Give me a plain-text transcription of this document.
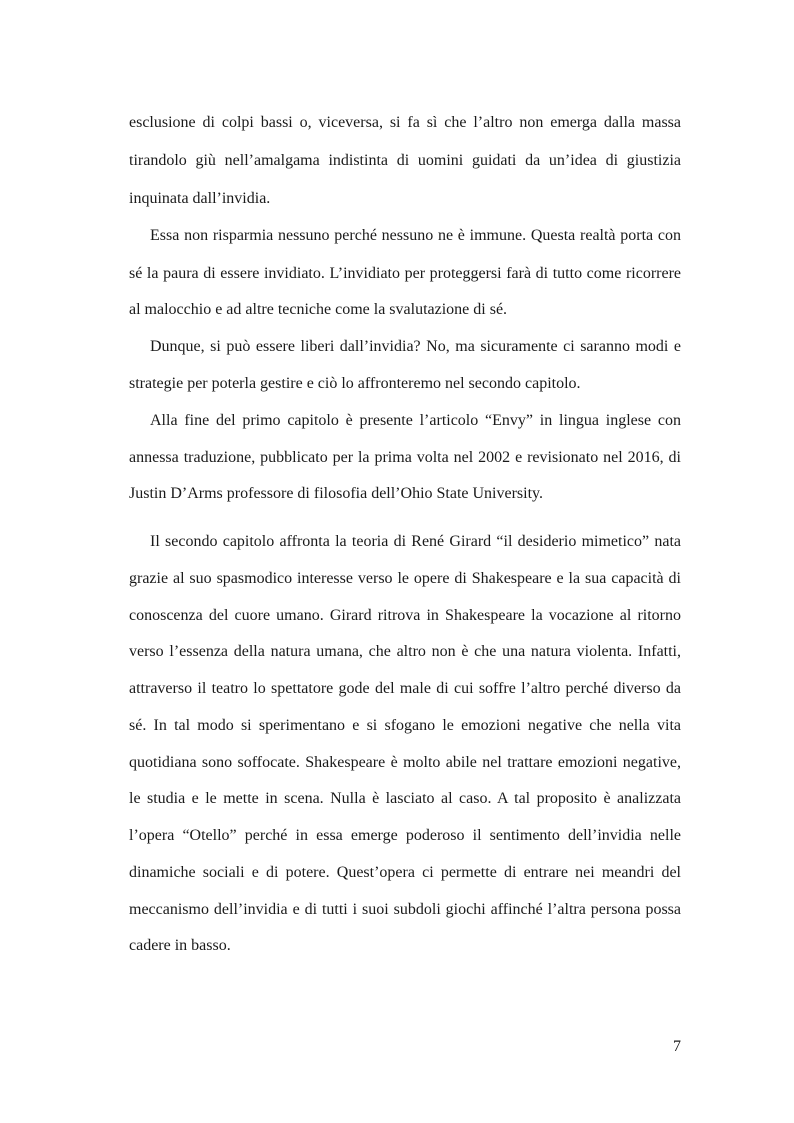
esclusione di colpi bassi o, viceversa, si fa sì che l’altro non emerga dalla massa
tirandolo giù nell’amalgama indistinta di uomini guidati da un’idea di giustizia
inquinata dall’invidia.
Essa non risparmia nessuno perché nessuno ne è immune. Questa realtà porta con
sé la paura di essere invidiato. L’invidiato per proteggersi farà di tutto come ricorrere
al malocchio e ad altre tecniche come la svalutazione di sé.
Dunque, si può essere liberi dall’invidia? No, ma sicuramente ci saranno modi e
strategie per poterla gestire e ciò lo affronteremo nel secondo capitolo.
Alla fine del primo capitolo è presente l’articolo “Envy” in lingua inglese con
annessa traduzione, pubblicato per la prima volta nel 2002 e revisionato nel 2016, di
Justin D’Arms professore di filosofia dell’Ohio State University.
Il secondo capitolo affronta la teoria di René Girard “il desiderio mimetico” nata
grazie al suo spasmodico interesse verso le opere di Shakespeare e la sua capacità di
conoscenza del cuore umano. Girard ritrova in Shakespeare la vocazione al ritorno
verso l’essenza della natura umana, che altro non è che una natura violenta. Infatti,
attraverso il teatro lo spettatore gode del male di cui soffre l’altro perché diverso da
sé. In tal modo si sperimentano e si sfogano le emozioni negative che nella vita
quotidiana sono soffocate. Shakespeare è molto abile nel trattare emozioni negative,
le studia e le mette in scena. Nulla è lasciato al caso. A tal proposito è analizzata
l’opera “Otello” perché in essa emerge poderoso il sentimento dell’invidia nelle
dinamiche sociali e di potere. Quest’opera ci permette di entrare nei meandri del
meccanismo dell’invidia e di tutti i suoi subdoli giochi affinché l’altra persona possa
cadere in basso.
7
